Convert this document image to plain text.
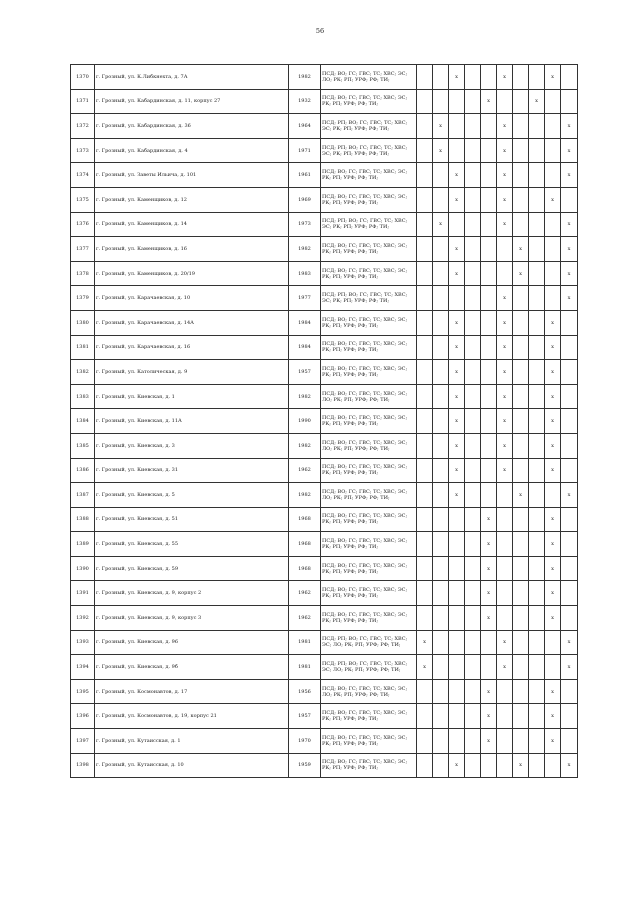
56
1370	г. Грозный, ул. К.Либкнехта, д. 7А	1982	ПСД; ВО; ГС; ГВС; ТС; ХВС; ЭС; ЛО; РК; РП; УРФ; РФ; ТИ;			x			x			x	
1371	г. Грозный, ул. Кабардинская, д. 11, корпус 27	1932	ПСД; ВО; ГС; ГВС; ТС; ХВС; ЭС; РК; РП; УРФ; РФ; ТИ;					x			x		
1372	г. Грозный, ул. Кабардинская, д. 36	1964	ПСД; РП; ВО; ГС; ГВС; ТС; ХВС; ЭС; РК; РП; УРФ; РФ; ТИ;		x				x				x
1373	г. Грозный, ул. Кабардинская, д. 4	1971	ПСД; РП; ВО; ГС; ГВС; ТС; ХВС; ЭС; РК; РП; УРФ; РФ; ТИ;		x				x				x
1374	г. Грозный, ул. Заветы Ильича, д. 101	1961	ПСД; ВО; ГС; ГВС; ТС; ХВС; ЭС; РК; РП; УРФ; РФ; ТИ;			x			x				x
1375	г. Грозный, ул. Каменщиков, д. 12	1969	ПСД; ВО; ГС; ГВС; ТС; ХВС; ЭС; РК; РП; УРФ; РФ; ТИ;			x			x			x	
1376	г. Грозный, ул. Каменщиков, д. 14	1973	ПСД; РП; ВО; ГС; ГВС; ТС; ХВС; ЭС; РК; РП; УРФ; РФ; ТИ;		x				x				x
1377	г. Грозный, ул. Каменщиков, д. 16	1982	ПСД; ВО; ГС; ГВС; ТС; ХВС; ЭС; РК; РП; УРФ; РФ; ТИ;			x				x			x
1378	г. Грозный, ул. Каменщиков, д. 20/19	1983	ПСД; ВО; ГС; ГВС; ТС; ХВС; ЭС; РК; РП; УРФ; РФ; ТИ;			x				x			x
1379	г. Грозный, ул. Карачаевская, д. 10	1977	ПСД; РП; ВО; ГС; ГВС; ТС; ХВС; ЭС; РК; РП; УРФ; РФ; ТИ;						x				x
1380	г. Грозный, ул. Карачаевская, д. 14А	1984	ПСД; ВО; ГС; ГВС; ТС; ХВС; ЭС; РК; РП; УРФ; РФ; ТИ;			x			x			x	
1381	г. Грозный, ул. Карачаевская, д. 16	1984	ПСД; ВО; ГС; ГВС; ТС; ХВС; ЭС; РК; РП; УРФ; РФ; ТИ;			x			x			x	
1382	г. Грозный, ул. Католическая, д. 9	1957	ПСД; ВО; ГС; ГВС; ТС; ХВС; ЭС; РК; РП; УРФ; РФ; ТИ;			x			x			x	
1383	г. Грозный, ул. Киевская, д. 1	1982	ПСД; ВО; ГС; ГВС; ТС; ХВС; ЭС; ЛО; РК; РП; УРФ; РФ; ТИ;			x			x			x	
1384	г. Грозный, ул. Киевская, д. 11А	1990	ПСД; ВО; ГС; ГВС; ТС; ХВС; ЭС; РК; РП; УРФ; РФ; ТИ;			x			x			x	
1385	г. Грозный, ул. Киевская, д. 3	1982	ПСД; ВО; ГС; ГВС; ТС; ХВС; ЭС; ЛО; РК; РП; УРФ; РФ; ТИ;			x			x			x	
1386	г. Грозный, ул. Киевская, д. 31	1962	ПСД; ВО; ГС; ГВС; ТС; ХВС; ЭС; РК; РП; УРФ; РФ; ТИ;			x			x			x	
1387	г. Грозный, ул. Киевская, д. 5	1982	ПСД; ВО; ГС; ГВС; ТС; ХВС; ЭС; ЛО; РК; РП; УРФ; РФ; ТИ;			x				x			x
1388	г. Грозный, ул. Киевская, д. 51	1968	ПСД; ВО; ГС; ГВС; ТС; ХВС; ЭС; РК; РП; УРФ; РФ; ТИ;					x				x	
1389	г. Грозный, ул. Киевская, д. 55	1968	ПСД; ВО; ГС; ГВС; ТС; ХВС; ЭС; РК; РП; УРФ; РФ; ТИ;					x				x	
1390	г. Грозный, ул. Киевская, д. 59	1968	ПСД; ВО; ГС; ГВС; ТС; ХВС; ЭС; РК; РП; УРФ; РФ; ТИ;					x				x	
1391	г. Грозный, ул. Киевская, д. 9, корпус 2	1962	ПСД; ВО; ГС; ГВС; ТС; ХВС; ЭС; РК; РП; УРФ; РФ; ТИ;					x				x	
1392	г. Грозный, ул. Киевская, д. 9, корпус 3	1962	ПСД; ВО; ГС; ГВС; ТС; ХВС; ЭС; РК; РП; УРФ; РФ; ТИ;					x				x	
1393	г. Грозный, ул. Киевская, д. 96	1981	ПСД; РП; ВО; ГС; ГВС; ТС; ХВС; ЭС; ЛО; РК; РП; УРФ; РФ; ТИ;	x					x				x
1394	г. Грозный, ул. Киевская, д. 9б	1981	ПСД; РП; ВО; ГС; ГВС; ТС; ХВС; ЭС; ЛО; РК; РП; УРФ; РФ; ТИ;	x					x				x
1395	г. Грозный, ул. Космонавтов, д. 17	1956	ПСД; ВО; ГС; ГВС; ТС; ХВС; ЭС; ЛО; РК; РП; УРФ; РФ; ТИ;					x				x	
1396	г. Грозный, ул. Космонавтов, д. 19, корпус 21	1957	ПСД; ВО; ГС; ГВС; ТС; ХВС; ЭС; РК; РП; УРФ; РФ; ТИ;					x				x	
1397	г. Грозный, ул. Кутаисская, д. 1	1970	ПСД; ВО; ГС; ГВС; ТС; ХВС; ЭС; РК; РП; УРФ; РФ; ТИ;					x				x	
1398	г. Грозный, ул. Кутаисская, д. 10	1959	ПСД; ВО; ГС; ГВС; ТС; ХВС; ЭС; РК; РП; УРФ; РФ; ТИ;			x				x			x
